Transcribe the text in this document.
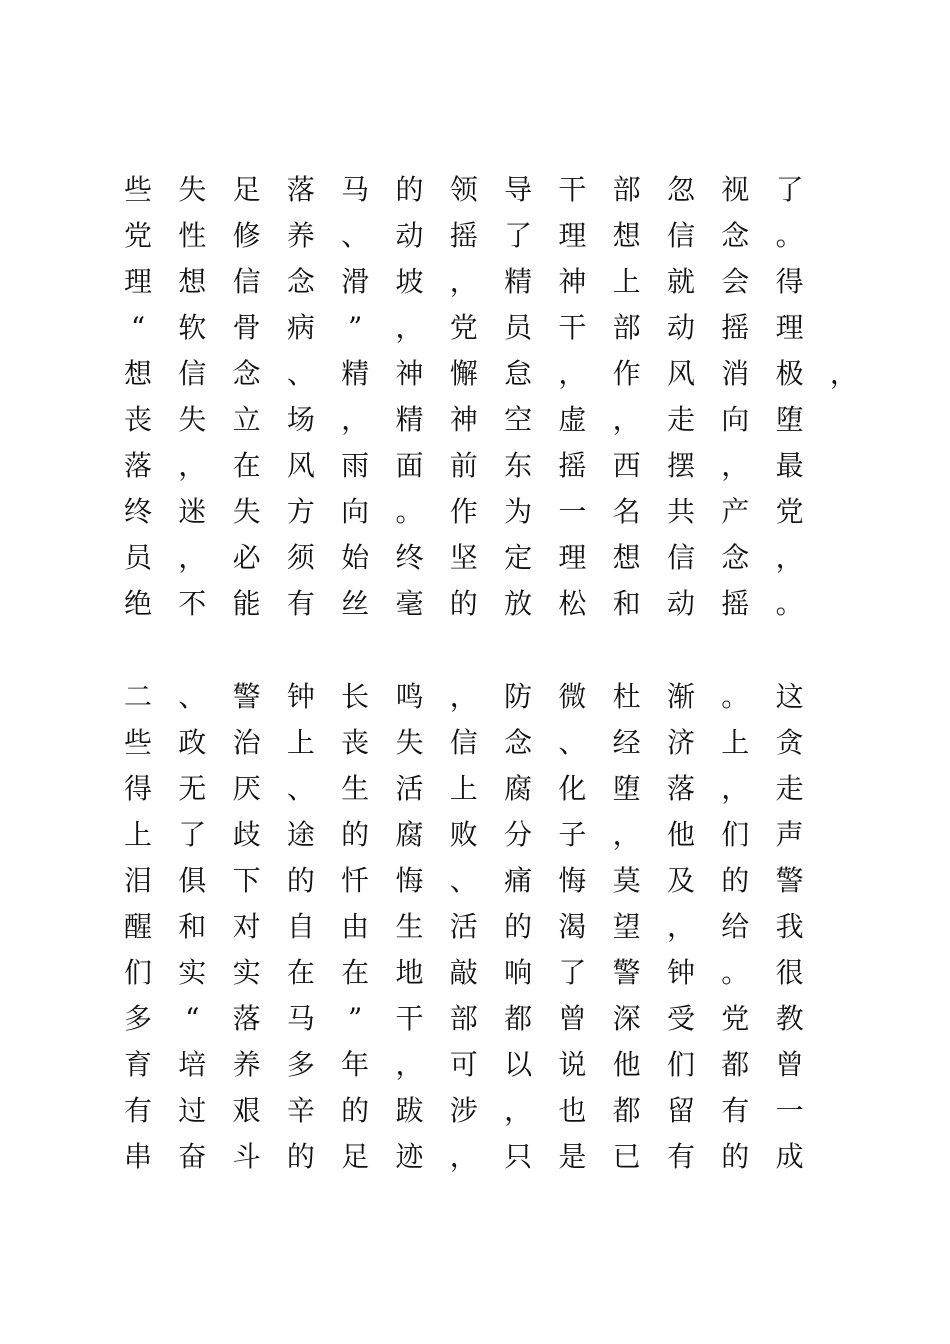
些 失 足 落 马 的 领 导 干 部 忽 视 了
党 性 修 养 、 动 摇 了 理 想 信 念 。
理 想 信 念 滑 坡 ， 精 神 上 就 会 得
“	软 骨 病	”	， 党 员 干 部 动 摇 理
想 信 念 、 精 神 懈 怠 ， 作 风 消 极 ，
丧 失 立 场 ， 精 神 空 虚 ， 走 向 堕
落 ， 在 风 雨 面 前 东 摇 西 摆 ， 最
终 迷 失 方 向 。 作 为 一 名 共 产 党
员 ， 必 须 始 终 坚 定 理 想 信 念 ，
绝 不 能 有 丝 毫 的 放 松 和 动 摇 。
二 、 警 钟 长 鸣 ， 防 微 杜 渐 。 这
些 政 治 上 丧 失 信 念 、 经 济 上 贪
得 无 厌 、 生 活 上 腐 化 堕 落 ， 走
上 了 歧 途 的 腐 败 分 子 ， 他 们 声
泪 俱 下 的 忏 悔 、 痛 悔 莫 及 的 警
醒 和 对 自 由 生 活 的 渴 望 ， 给 我
们 实 实 在 在 地 敲 响 了 警 钟 。 很
多	“	落 马	”	干 部 都 曾 深 受 党 教
育 培 养 多 年 ， 可 以 说 他 们 都 曾
有 过 艰 辛 的 跋 涉 ， 也 都 留 有 一
串 奋 斗 的 足 迹 ， 只 是 已 有 的 成
